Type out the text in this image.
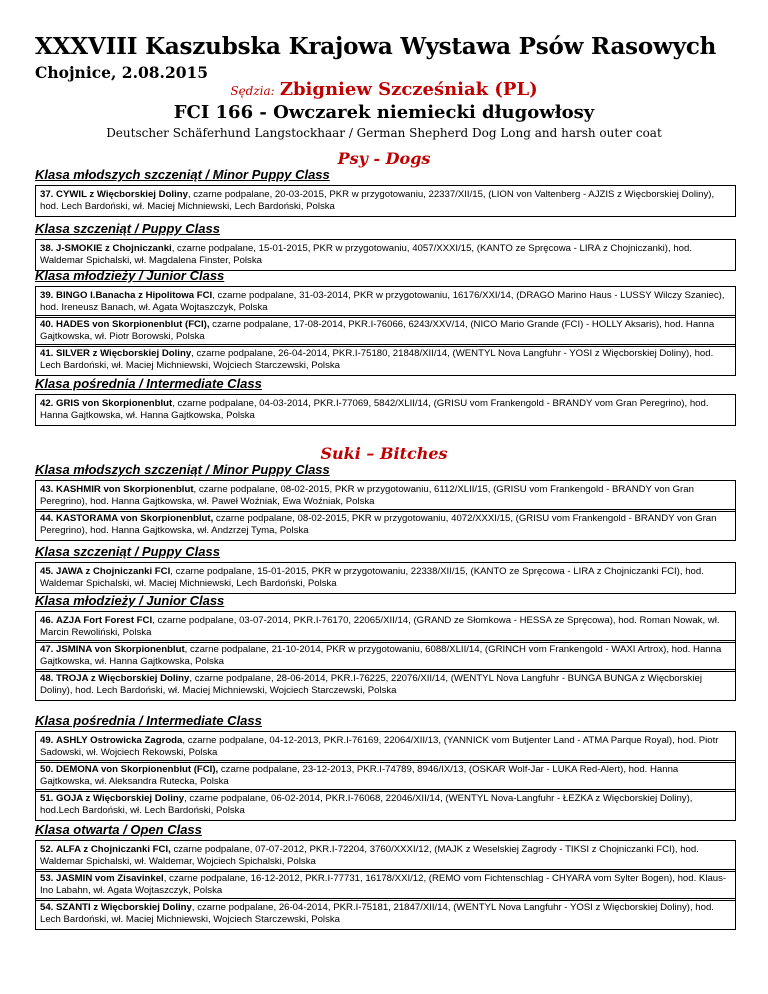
XXXVIII Kaszubska Krajowa Wystawa Psów Rasowych
Chojnice, 2.08.2015
Sędzia: Zbigniew Szcześniak (PL)
FCI 166 - Owczarek niemiecki długowłosy
Deutscher Schäferhund Langstockhaar / German Shepherd Dog Long and harsh outer coat
Psy - Dogs
Klasa młodszych szczeniąt / Minor Puppy Class
37. CYWIL z Więcborskiej Doliny, czarne podpalane, 20-03-2015, PKR w przygotowaniu, 22337/XII/15, (LION von Valtenberg - AJZIS z Więcborskiej Doliny), hod. Lech Bardoński, wł. Maciej Michniewski, Lech Bardoński, Polska
Klasa szczeniąt / Puppy Class
38. J-SMOKIE z Chojniczanki, czarne podpalane, 15-01-2015, PKR w przygotowaniu, 4057/XXXI/15, (KANTO ze Spręcowa - LIRA z Chojniczanki), hod. Waldemar Spichalski, wł. Magdalena Finster, Polska
Klasa młodzieży / Junior Class
39. BINGO I.Banacha z Hipolitowa FCI, czarne podpalane, 31-03-2014, PKR w przygotowaniu, 16176/XXI/14, (DRAGO Marino Haus - LUSSY Wilczy Szaniec), hod. Ireneusz Banach, wł. Agata Wojtaszczyk, Polska
40. HADES von Skorpionenblut (FCI), czarne podpalane, 17-08-2014, PKR.I-76066, 6243/XXV/14, (NICO Mario Grande (FCI) - HOLLY Aksaris), hod. Hanna Gajtkowska, wł. Piotr Borowski, Polska
41. SILVER z Więcborskiej Doliny, czarne podpalane, 26-04-2014, PKR.I-75180, 21848/XII/14, (WENTYL Nova Langfuhr - YOSI z Więcborskiej Doliny), hod. Lech Bardoński, wł. Maciej Michniewski, Wojciech Starczewski, Polska
Klasa pośrednia / Intermediate Class
42. GRIS von Skorpionenblut, czarne podpalane, 04-03-2014, PKR.I-77069, 5842/XLII/14, (GRISU vom Frankengold - BRANDY vom Gran Peregrino), hod. Hanna Gajtkowska, wł. Hanna Gajtkowska, Polska
Suki – Bitches
Klasa młodszych szczeniąt / Minor Puppy Class
43. KASHMIR von Skorpionenblut, czarne podpalane, 08-02-2015, PKR w przygotowaniu, 6112/XLII/15, (GRISU vom Frankengold - BRANDY von Gran Peregrino), hod. Hanna Gajtkowska, wł. Paweł Woźniak, Ewa Woźniak, Polska
44. KASTORAMA von Skorpionenblut, czarne podpalane, 08-02-2015, PKR w przygotowaniu, 4072/XXXI/15, (GRISU vom Frankengold - BRANDY von Gran Peregrino), hod. Hanna Gajtkowska, wł. Andzrzej Tyma, Polska
Klasa szczeniąt / Puppy Class
45. JAWA z Chojniczanki FCI, czarne podpalane, 15-01-2015, PKR w przygotowaniu, 22338/XII/15, (KANTO ze Spręcowa - LIRA z Chojniczanki FCI), hod. Waldemar Spichalski, wł. Maciej Michniewski, Lech Bardoński, Polska
Klasa młodzieży / Junior Class
46. AZJA Fort Forest FCI, czarne podpalane, 03-07-2014, PKR.I-76170, 22065/XII/14, (GRAND ze Słomkowa - HESSA ze Spręcowa), hod. Roman Nowak, wł. Marcin Rewoliński, Polska
47. JSMINA von Skorpionenblut, czarne podpalane, 21-10-2014, PKR w przygotowaniu, 6088/XLII/14, (GRINCH vom Frankengold - WAXI Artrox), hod. Hanna Gajtkowska, wł. Hanna Gajtkowska, Polska
48. TROJA z Więcborskiej Doliny, czarne podpalane, 28-06-2014, PKR.I-76225, 22076/XII/14, (WENTYL Nova Langfuhr - BUNGA BUNGA z Więcborskiej Doliny), hod. Lech Bardoński, wł. Maciej Michniewski, Wojciech Starczewski, Polska
Klasa pośrednia / Intermediate Class
49. ASHLY Ostrowicka Zagroda, czarne podpalane, 04-12-2013, PKR.I-76169, 22064/XII/13, (YANNICK vom Butjenter Land - ATMA Parque Royal), hod. Piotr Sadowski, wł. Wojciech Rekowski, Polska
50. DEMONA von Skorpionenblut (FCI), czarne podpalane, 23-12-2013, PKR.I-74789, 8946/IX/13, (OSKAR Wolf-Jar - LUKA Red-Alert), hod. Hanna Gajtkowska, wł. Aleksandra Rutecka, Polska
51. GOJA z Więcborskiej Doliny, czarne podpalane, 06-02-2014, PKR.I-76068, 22046/XII/14, (WENTYL Nova-Langfuhr - ŁEZKA z Więcborskiej Doliny), hod.Lech Bardoński, wł. Lech Bardoński, Polska
Klasa otwarta / Open Class
52. ALFA z Chojniczanki FCI, czarne podpalane, 07-07-2012, PKR.I-72204, 3760/XXXI/12, (MAJK z Weselskiej Zagrody - TIKSI z Chojniczanki FCI), hod. Waldemar Spichalski, wł. Waldemar, Wojciech Spichalski, Polska
53. JASMIN vom Zisavinkel, czarne podpalane, 16-12-2012, PKR.I-77731, 16178/XXI/12, (REMO vom Fichtenschlag - CHYARA vom Sylter Bogen), hod. Klaus-Ino Labahn, wł. Agata Wojtaszczyk, Polska
54. SZANTI z Więcborskiej Doliny, czarne podpalane, 26-04-2014, PKR.I-75181, 21847/XII/14, (WENTYL Nova Langfuhr - YOSI z Więcborskiej Doliny), hod. Lech Bardoński, wł. Maciej Michniewski, Wojciech Starczewski, Polska
